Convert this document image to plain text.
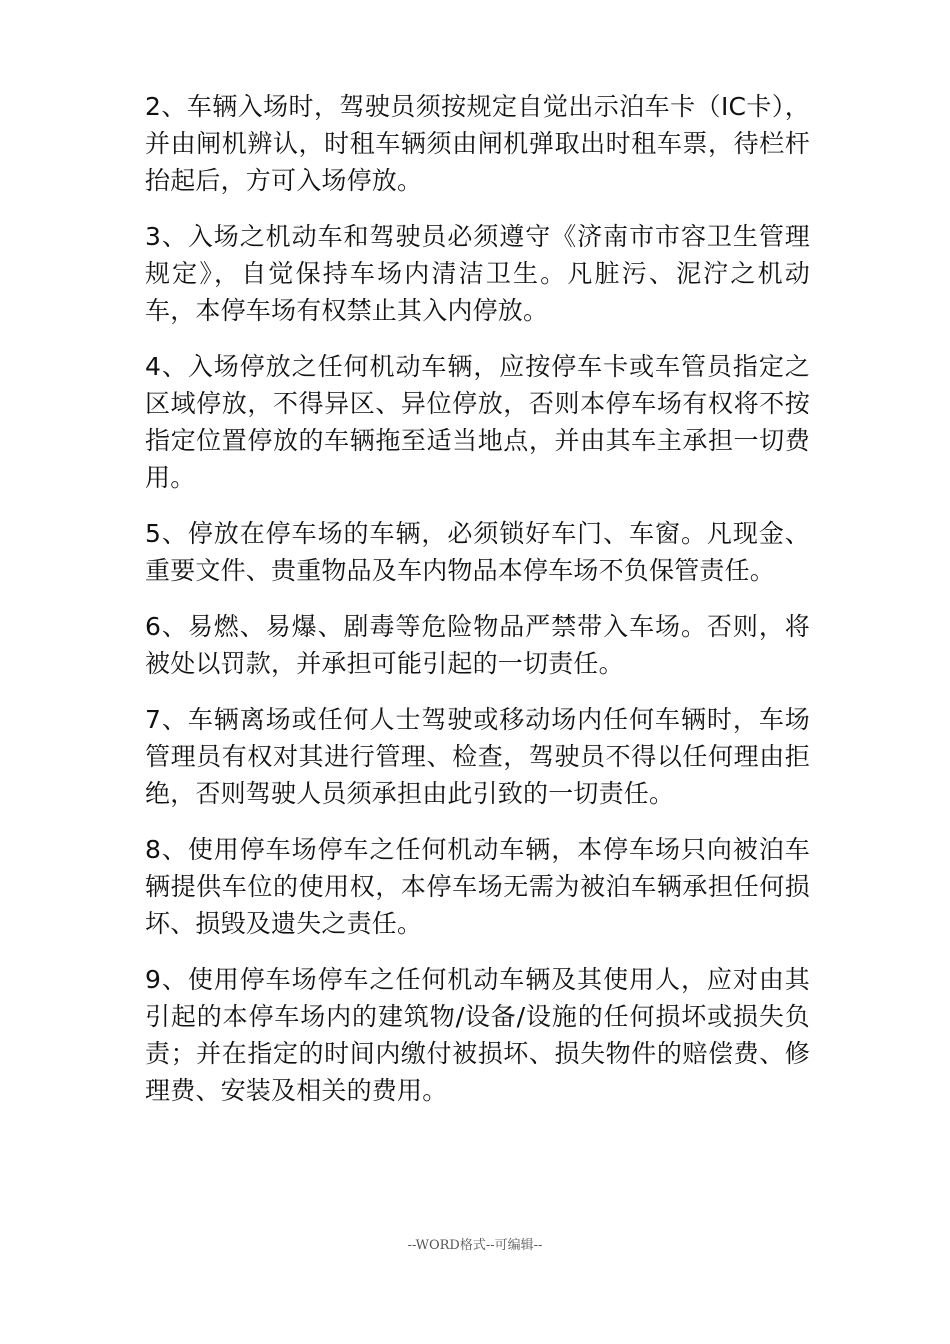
2、车辆入场时，驾驶员须按规定自觉出示泊车卡（IC卡），并由闸机辨认，时租车辆须由闸机弹取出时租车票，待栏杆抬起后，方可入场停放。

3、入场之机动车和驾驶员必须遵守《济南市市容卫生管理规定》，自觉保持车场内清洁卫生。凡脏污、泥泞之机动车，本停车场有权禁止其入内停放。

4、入场停放之任何机动车辆，应按停车卡或车管员指定之区域停放，不得异区、异位停放，否则本停车场有权将不按指定位置停放的车辆拖至适当地点，并由其车主承担一切费用。

5、停放在停车场的车辆，必须锁好车门、车窗。凡现金、重要文件、贵重物品及车内物品本停车场不负保管责任。

6、易燃、易爆、剧毒等危险物品严禁带入车场。否则，将被处以罚款，并承担可能引起的一切责任。

7、车辆离场或任何人士驾驶或移动场内任何车辆时，车场管理员有权对其进行管理、检查，驾驶员不得以任何理由拒绝，否则驾驶人员须承担由此引致的一切责任。

8、使用停车场停车之任何机动车辆，本停车场只向被泊车辆提供车位的使用权，本停车场无需为被泊车辆承担任何损坏、损毁及遗失之责任。

9、使用停车场停车之任何机动车辆及其使用人，应对由其引起的本停车场内的建筑物/设备/设施的任何损坏或损失负责；并在指定的时间内缴付被损坏、损失物件的赔偿费、修理费、安装及相关的费用。

--WORD格式--可编辑--
